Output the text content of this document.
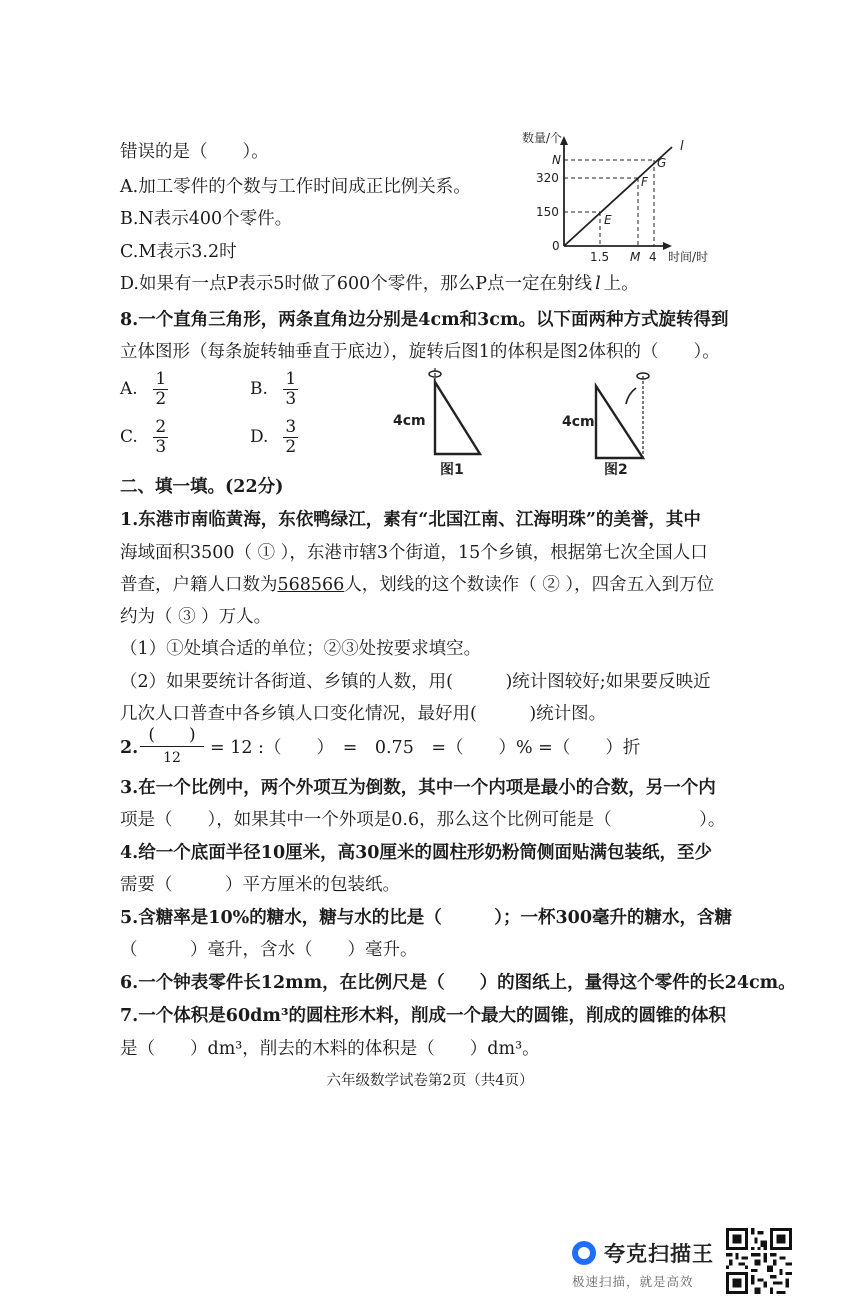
错误的是（　　）。
A.加工零件的个数与工作时间成正比例关系。
B.N表示400个零件。
C.M表示3.2时
D.如果有一点P表示5时做了600个零件，那么P点一定在射线 l 上。
数量/个
时间/时
0
N
320
150
1.5 M 4
E
F
G
l
8.一个直角三角形，两条直角边分别是4cm和3cm。以下面两种方式旋转得到
立体图形（每条旋转轴垂直于底边），旋转后图1的体积是图2体积的（　　）。
A. $\frac{1}{2}$	B. $\frac{1}{3}$
C. $\frac{2}{3}$	D. $\frac{3}{2}$	4cm
图1
4cm
图2
二、填一填。(22分)
1.东港市南临黄海，东依鸭绿江，素有“北国江南、江海明珠”的美誉，其中
海域面积3500（ ① ），东港市辖3个街道，15个乡镇，根据第七次全国人口
普查，户籍人口数为568566人，划线的这个数读作（ ② ），四舍五入到万位
约为（ ③ ）万人。
（1）①处填合适的单位；②③处按要求填空。
（2）如果要统计各街道、乡镇的人数，用(　　　)统计图较好;如果要反映近
几次人口普查中各乡镇人口变化情况，最好用(　　　)统计图。
2.
(　　)
12	= 12 :（　　）　=　0.75　=（　　）% =（　　）折
3.在一个比例中，两个外项互为倒数，其中一个内项是最小的合数，另一个内
项是（　　），如果其中一个外项是0.6，那么这个比例可能是（　　　　　）。
4.给一个底面半径10厘米，高30厘米的圆柱形奶粉筒侧面贴满包装纸，至少
需要（　　　）平方厘米的包装纸。
5.含糖率是10%的糖水，糖与水的比是（　　　）；一杯300毫升的糖水，含糖
（　　　）毫升，含水（　　）毫升。
6.一个钟表零件长12mm，在比例尺是（　　）的图纸上，量得这个零件的长24cm。
7.一个体积是60dm³的圆柱形木料，削成一个最大的圆锥，削成的圆锥的体积
是（　　）dm³，削去的木料的体积是（　　）dm³。
六年级数学试卷第2页（共4页）
夸克扫描王
极速扫描，就是高效
